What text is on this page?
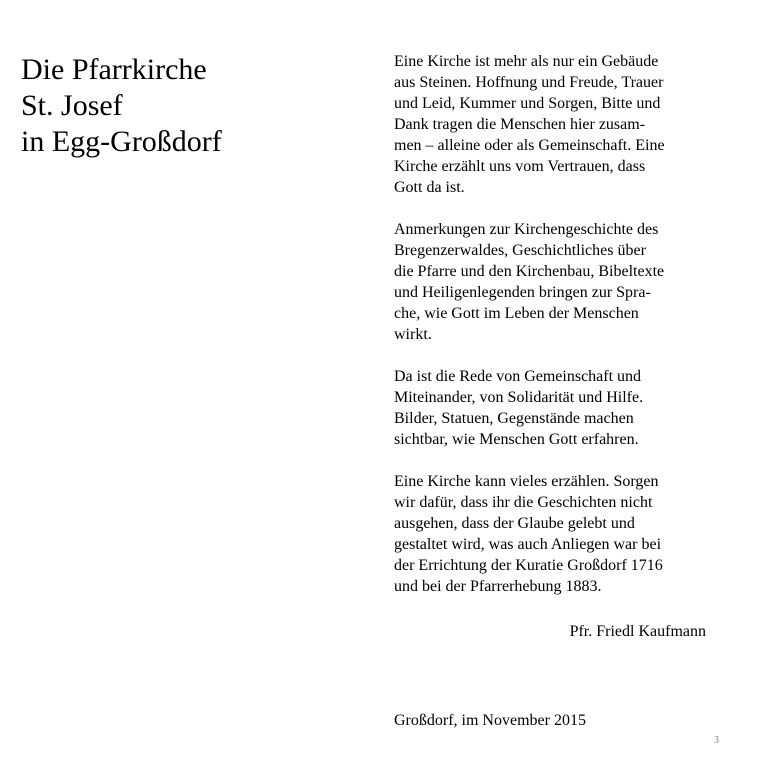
Die Pfarrkirche
St. Josef
in Egg-Großdorf

Eine Kirche ist mehr als nur ein Gebäude
aus Steinen. Hoffnung und Freude, Trauer
und Leid, Kummer und Sorgen, Bitte und
Dank tragen die Menschen hier zusam-
men – alleine oder als Gemeinschaft. Eine
Kirche erzählt uns vom Vertrauen, dass
Gott da ist.

Anmerkungen zur Kirchengeschichte des
Bregenzerwaldes, Geschichtliches über
die Pfarre und den Kirchenbau, Bibeltexte
und Heiligenlegenden bringen zur Spra-
che, wie Gott im Leben der Menschen
wirkt.

Da ist die Rede von Gemeinschaft und
Miteinander, von Solidarität und Hilfe.
Bilder, Statuen, Gegenstände machen
sichtbar, wie Menschen Gott erfahren.

Eine Kirche kann vieles erzählen. Sorgen
wir dafür, dass ihr die Geschichten nicht
ausgehen, dass der Glaube gelebt und
gestaltet wird, was auch Anliegen war bei
der Errichtung der Kuratie Großdorf 1716
und bei der Pfarrerhebung 1883.

Pfr. Friedl Kaufmann
Großdorf, im November 2015
3
